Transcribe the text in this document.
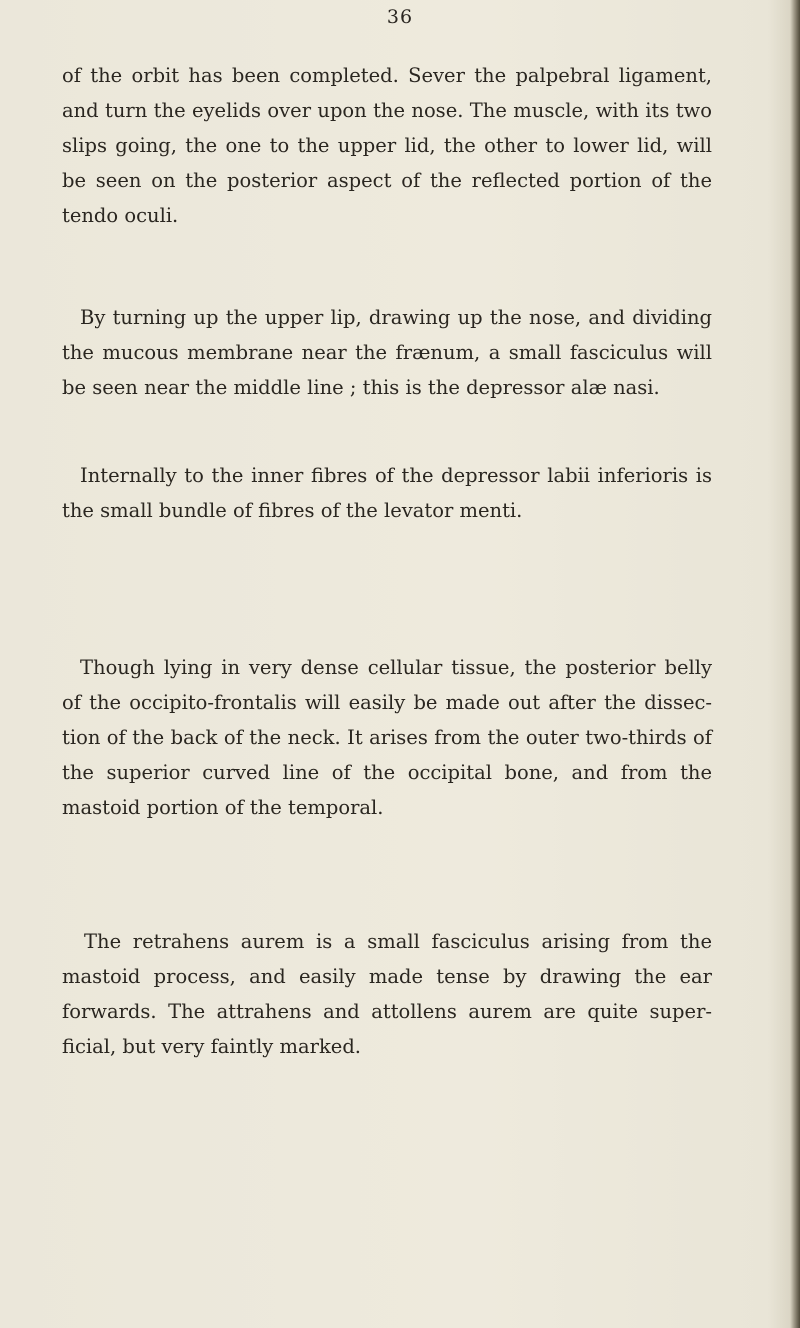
36

of the orbit has been completed. Sever the palpebral ligament, and turn the eyelids over upon the nose. The muscle, with its two slips going, the one to the upper lid, the other to lower lid, will be seen on the posterior aspect of the reflected portion of the tendo oculi.

By turning up the upper lip, drawing up the nose, and dividing the mucous membrane near the frænum, a small fasciculus will be seen near the middle line ; this is the depressor alæ nasi.

Internally to the inner fibres of the depressor labii inferioris is the small bundle of fibres of the levator menti.

Though lying in very dense cellular tissue, the posterior belly of the occipito-frontalis will easily be made out after the dissection of the back of the neck. It arises from the outer two-thirds of the superior curved line of the occipital bone, and from the mastoid portion of the temporal.

The retrahens aurem is a small fasciculus arising from the mastoid process, and easily made tense by drawing the ear forwards. The attrahens and attollens aurem are quite superficial, but very faintly marked.
